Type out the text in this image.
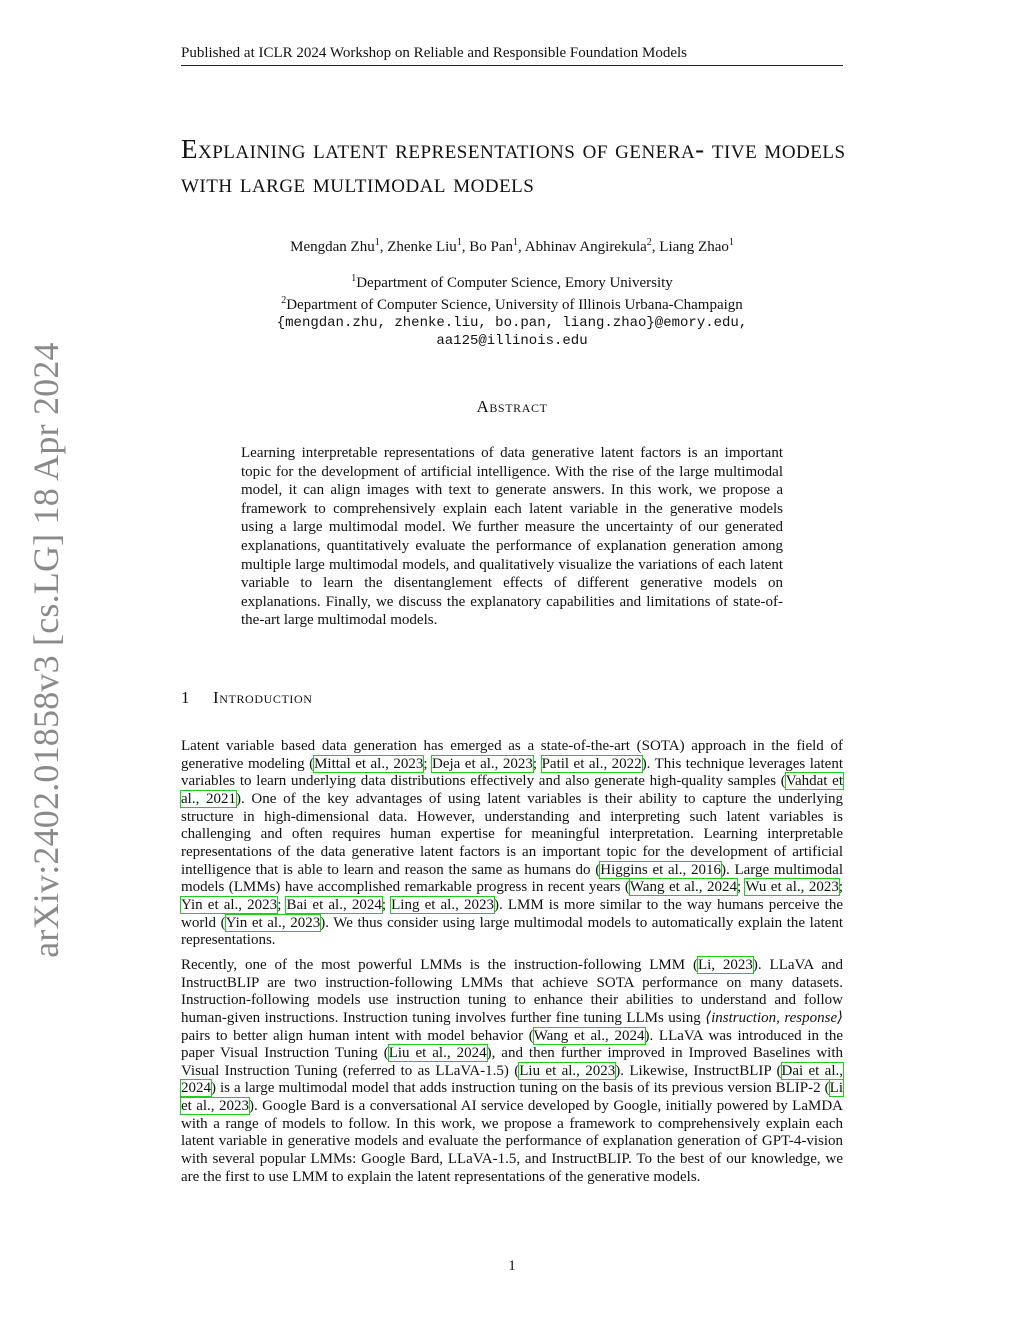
Published at ICLR 2024 Workshop on Reliable and Responsible Foundation Models
arXiv:2402.01858v3 [cs.LG] 18 Apr 2024
Explaining latent representations of genera- tive models with large multimodal models
Mengdan Zhu$^1$, Zhenke Liu$^1$, Bo Pan$^1$, Abhinav Angirekula$^2$, Liang Zhao$^1$
$^1$Department of Computer Science, Emory University
$^2$Department of Computer Science, University of Illinois Urbana-Champaign
{mengdan.zhu, zhenke.liu, bo.pan, liang.zhao}@emory.edu,
aa125@illinois.edu
Abstract
Learning interpretable representations of data generative latent factors is an important topic for the development of artificial intelligence. With the rise of the large multimodal model, it can align images with text to generate answers. In this work, we propose a framework to comprehensively explain each latent variable in the generative models using a large multimodal model. We further measure the uncertainty of our generated explanations, quantitatively evaluate the performance of explanation generation among multiple large multimodal models, and qualitatively visualize the variations of each latent variable to learn the disentanglement effects of different generative models on explanations. Finally, we discuss the explanatory capabilities and limitations of state-of-the-art large multimodal models.
1 Introduction

Latent variable based data generation has emerged as a state-of-the-art (SOTA) approach in the field of generative modeling (Mittal et al., 2023; Deja et al., 2023; Patil et al., 2022). This technique leverages latent variables to learn underlying data distributions effectively and also generate high-quality samples (Vahdat et al., 2021). One of the key advantages of using latent variables is their ability to capture the underlying structure in high-dimensional data. However, understanding and interpreting such latent variables is challenging and often requires human expertise for meaningful interpretation. Learning interpretable representations of the data generative latent factors is an important topic for the development of artificial intelligence that is able to learn and reason the same as humans do (Higgins et al., 2016). Large multimodal models (LMMs) have accomplished remarkable progress in recent years (Wang et al., 2024; Wu et al., 2023; Yin et al., 2023; Bai et al., 2024; Ling et al., 2023). LMM is more similar to the way humans perceive the world (Yin et al., 2023). We thus consider using large multimodal models to automatically explain the latent representations.

Recently, one of the most powerful LMMs is the instruction-following LMM (Li, 2023). LLaVA and InstructBLIP are two instruction-following LMMs that achieve SOTA performance on many datasets. Instruction-following models use instruction tuning to enhance their abilities to understand and follow human-given instructions. Instruction tuning involves further fine tuning LLMs using ⟨instruction, response⟩ pairs to better align human intent with model behavior (Wang et al., 2024). LLaVA was introduced in the paper Visual Instruction Tuning (Liu et al., 2024), and then further improved in Improved Baselines with Visual Instruction Tuning (referred to as LLaVA-1.5) (Liu et al., 2023). Likewise, InstructBLIP (Dai et al., 2024) is a large multimodal model that adds instruction tuning on the basis of its previous version BLIP-2 (Li et al., 2023). Google Bard is a conversational AI service developed by Google, initially powered by LaMDA with a range of models to follow. In this work, we propose a framework to comprehensively explain each latent variable in generative models and evaluate the performance of explanation generation of GPT-4-vision with several popular LMMs: Google Bard, LLaVA-1.5, and InstructBLIP. To the best of our knowledge, we are the first to use LMM to explain the latent representations of the generative models.

1
